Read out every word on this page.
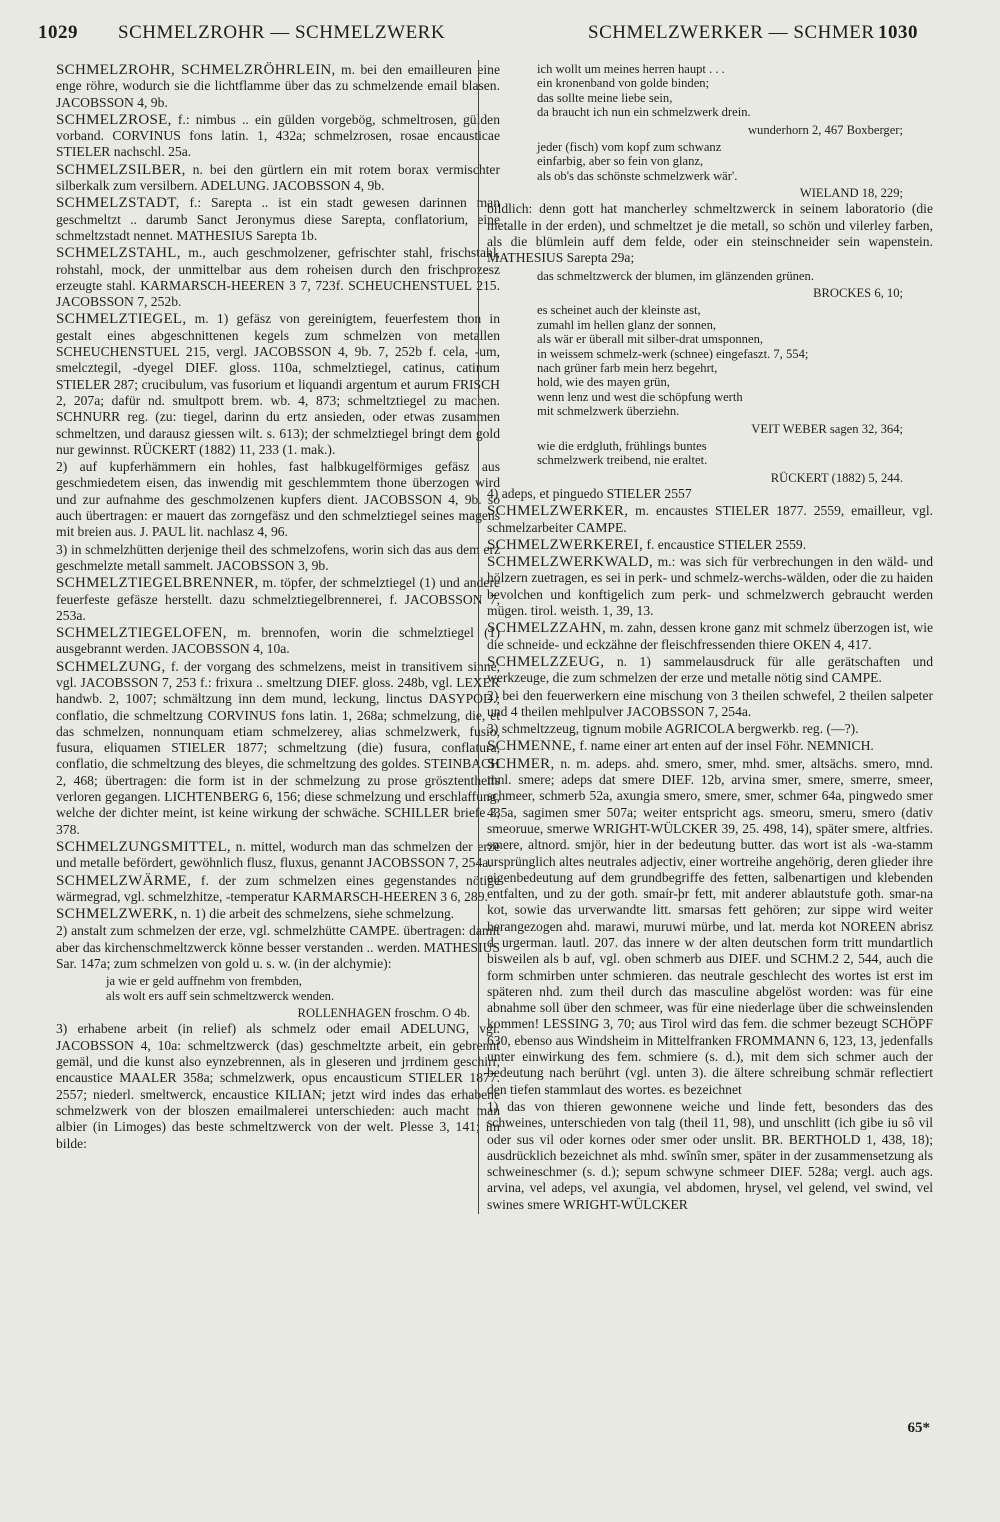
1029 SCHMELZROHR — SCHMELZWERK	SCHMELZWERKER — SCHMER 1030

SCHMELZROHR, SCHMELZRÖHRLEIN, m. bei den emailleuren eine enge röhre, wodurch sie die lichtflamme über das zu schmelzende email blasen. JACOBSSON 4, 9b.

SCHMELZROSE, f.: nimbus .. ein gülden vorgebög, schmeltrosen, gülden vorband. CORVINUS fons latin. 1, 432a; schmelzrosen, rosae encausticae STIELER nachschl. 25a.

SCHMELZSILBER, n. bei den gürtlern ein mit rotem borax vermischter silberkalk zum versilbern. ADELUNG. JACOBSSON 4, 9b.

SCHMELZSTADT, f.: Sarepta .. ist ein stadt gewesen darinnen man geschmeltzt .. darumb Sanct Jeronymus diese Sarepta, conflatorium, eine schmeltzstadt nennet. MATHESIUS Sarepta 1b.

SCHMELZSTAHL, m., auch geschmolzener, gefrischter stahl, frischstahl, rohstahl, mock, der unmittelbar aus dem roheisen durch den frischprozesz erzeugte stahl. KARMARSCH-HEEREN 3 7, 723f. SCHEUCHENSTUEL 215. JACOBSSON 7, 252b.

SCHMELZTIEGEL, m. 1) gefäsz von gereinigtem, feuerfestem thon in gestalt eines abgeschnittenen kegels zum schmelzen von metallen SCHEUCHENSTUEL 215, vergl. JACOBSSON 4, 9b. 7, 252b f. cela, -um, smelcztegil, -dyegel DIEF. gloss. 110a, schmelztiegel, catinus, catinum STIELER 287; crucibulum, vas fusorium et liquandi argentum et aurum FRISCH 2, 207a; dafür nd. smultpott brem. wb. 4, 873; schmeltztiegel zu machen. SCHNURR reg. (zu: tiegel, darinn du ertz ansieden, oder etwas zusammen schmeltzen, und darausz giessen wilt. s. 613); der schmelztiegel bringt dem gold nur gewinnst. RÜCKERT (1882) 11, 233 (1. mak.).

2) auf kupferhämmern ein hohles, fast halbkugelförmiges gefäsz aus geschmiedetem eisen, das inwendig mit geschlemmtem thone überzogen wird und zur aufnahme des geschmolzenen kupfers dient. JACOBSSON 4, 9b. so auch übertragen: er mauert das zorngefäsz und den schmelztiegel seines magens mit breien aus. J. PAUL lit. nachlasz 4, 96.

3) in schmelzhütten derjenige theil des schmelzofens, worin sich das aus dem erz geschmelzte metall sammelt. JACOBSSON 3, 9b.

SCHMELZTIEGELBRENNER, m. töpfer, der schmelztiegel (1) und andere feuerfeste gefäsze herstellt. dazu schmelztiegelbrennerei, f. JACOBSSON 7, 253a.

SCHMELZTIEGELOFEN, m. brennofen, worin die schmelztiegel (1) ausgebrannt werden. JACOBSSON 4, 10a.

SCHMELZUNG, f. der vorgang des schmelzens, meist in transitivem sinne, vgl. JACOBSSON 7, 253 f.: frixura .. smeltzung DIEF. gloss. 248b, vgl. LEXER handwb. 2, 1007; schmältzung inn dem mund, leckung, linctus DASYPOD.; conflatio, die schmeltzung CORVINUS fons latin. 1, 268a; schmelzung, die, et das schmelzen, nonnunquam etiam schmelzerey, alias schmelzwerk, fusio, fusura, eliquamen STIELER 1877; schmeltzung (die) fusura, conflatura, conflatio, die schmeltzung des bleyes, die schmeltzung des goldes. STEINBACH 2, 468; übertragen: die form ist in der schmelzung zu prose grösztentheils verloren gegangen. LICHTENBERG 6, 156; diese schmelzung und erschlaffung, welche der dichter meint, ist keine wirkung der schwäche. SCHILLER briefe 3, 378.

SCHMELZUNGSMITTEL, n. mittel, wodurch man das schmelzen der erze und metalle befördert, gewöhnlich flusz, fluxus, genannt JACOBSSON 7, 254a.

SCHMELZWÄRME, f. der zum schmelzen eines gegenstandes nötige wärmegrad, vgl. schmelzhitze, -temperatur KARMARSCH-HEEREN 3 6, 289.

SCHMELZWERK, n. 1) die arbeit des schmelzens, siehe schmelzung.

2) anstalt zum schmelzen der erze, vgl. schmelzhütte CAMPE. übertragen: damit aber das kirchenschmeltzwerck könne besser verstanden .. werden. MATHESIUS Sar. 147a; zum schmelzen von gold u. s. w. (in der alchymie):

ja wie er geld auffnehm von frembden,
als wolt ers auff sein schmeltzwerck wenden.
ROLLENHAGEN froschm. O 4b.

3) erhabene arbeit (in relief) als schmelz oder email ADELUNG, vgl. JACOBSSON 4, 10a: schmeltzwerck (das) geschmeltzte arbeit, ein gebrennt gemäl, und die kunst also eynzebrennen, als in gleseren und jrrdinem geschirr, encaustice MAALER 358a; schmelzwerk, opus encausticum STIELER 1877. 2557; niederl. smeltwerck, encaustice KILIAN; jetzt wird indes das erhabene schmelzwerk von der bloszen emailmalerei unterschieden: auch macht man albier (in Limoges) das beste schmeltzwerck von der welt. Plesse 3, 141; im bilde:

ich wollt um meines herren haupt . . .
ein kronenband von golde binden;
das sollte meine liebe sein,
da braucht ich nun ein schmelzwerk drein.
wunderhorn 2, 467 Boxberger;
jeder (fisch) vom kopf zum schwanz
einfarbig, aber so fein von glanz,
als ob's das schönste schmelzwerk wär'.
WIELAND 18, 229;

bildlich: denn gott hat mancherley schmeltzwerck in seinem laboratorio (die metalle in der erden), und schmeltzet je die metall, so schön und vilerley farben, als die blümlein auff dem felde, oder ein steinschneider sein wapenstein. MATHESIUS Sarepta 29a;

das schmeltzwerck der blumen, im glänzenden grünen.
BROCKES 6, 10;
es scheinet auch der kleinste ast,
zumahl im hellen glanz der sonnen,
als wär er überall mit silber-drat umsponnen,
in weissem schmelz-werk (schnee) eingefaszt. 7, 554;
nach grüner farb mein herz begehrt,
hold, wie des mayen grün,
wenn lenz und west die schöpfung werth
mit schmelzwerk überziehn.
VEIT WEBER sagen 32, 364;
wie die erdgluth, frühlings buntes
schmelzwerk treibend, nie eraltet.
RÜCKERT (1882) 5, 244.

4) adeps, et pinguedo STIELER 2557

SCHMELZWERKER, m. encaustes STIELER 1877. 2559, emailleur, vgl. schmelzarbeiter CAMPE.

SCHMELZWERKEREI, f. encaustice STIELER 2559.

SCHMELZWERKWALD, m.: was sich für verbrechungen in den wäld- und hölzern zuetragen, es sei in perk- und schmelz-werchs-wälden, oder die zu haiden bevolchen und konftigelich zum perk- und schmelzwerch gebraucht werden mügen. tirol. weisth. 1, 39, 13.

SCHMELZZAHN, m. zahn, dessen krone ganz mit schmelz überzogen ist, wie die schneide- und eckzähne der fleischfressenden thiere OKEN 4, 417.

SCHMELZZEUG, n. 1) sammelausdruck für alle gerätschaften und werkzeuge, die zum schmelzen der erze und metalle nötig sind CAMPE.

2) bei den feuerwerkern eine mischung von 3 theilen schwefel, 2 theilen salpeter und 4 theilen mehlpulver JACOBSSON 7, 254a.

3) schmeltzzeug, tignum mobile AGRICOLA bergwerkb. reg. (—?).

SCHMENNE, f. name einer art enten auf der insel Föhr. NEMNICH.

SCHMER, n. m. adeps. ahd. smero, smer, mhd. smer, altsächs. smero, mnd. mnl. smere; adeps dat smere DIEF. 12b, arvina smer, smere, smerre, smeer, schmeer, schmerb 52a, axungia smero, smere, smer, schmer 64a, pingwedo smer 435a, sagimen smer 507a; weiter entspricht ags. smeoru, smeru, smero (dativ smeoruue, smerwe WRIGHT-WÜLCKER 39, 25. 498, 14), später smere, altfries. smere, altnord. smjör, hier in der bedeutung butter. das wort ist als -wa-stamm ursprünglich altes neutrales adjectiv, einer wortreihe angehörig, deren glieder ihre eigenbedeutung auf dem grundbegriffe des fetten, salbenartigen und klebenden entfalten, und zu der goth. smaír-þr fett, mit anderer ablautstufe goth. smar-na kot, sowie das urverwandte litt. smarsas fett gehören; zur sippe wird weiter herangezogen ahd. marawi, muruwi mürbe, und lat. merda kot NOREEN abrisz d. urgerman. lautl. 207. das innere w der alten deutschen form tritt mundartlich bisweilen als b auf, vgl. oben schmerb aus DIEF. und SCHM.2 2, 544, auch die form schmirben unter schmieren. das neutrale geschlecht des wortes ist erst im späteren nhd. zum theil durch das masculine abgelöst worden: was für eine abnahme soll über den schmeer, was für eine niederlage über die schweinslenden kommen! LESSING 3, 70; aus Tirol wird das fem. die schmer bezeugt SCHÖPF 630, ebenso aus Windsheim in Mittelfranken FROMMANN 6, 123, 13, jedenfalls unter einwirkung des fem. schmiere (s. d.), mit dem sich schmer auch der bedeutung nach berührt (vgl. unten 3). die ältere schreibung schmär reflectiert den tiefen stammlaut des wortes. es bezeichnet

1) das von thieren gewonnene weiche und linde fett, besonders das des schweines, unterschieden von talg (theil 11, 98), und unschlitt (ich gibe iu sô vil oder sus vil oder kornes oder smer oder unslit. BR. BERTHOLD 1, 438, 18); ausdrücklich bezeichnet als mhd. swînîn smer, später in der zusammensetzung als schweineschmer (s. d.); sepum schwyne schmeer DIEF. 528a; vergl. auch ags. arvina, vel adeps, vel axungia, vel abdomen, hrysel, vel gelend, vel swind, vel swines smere WRIGHT-WÜLCKER

65*
